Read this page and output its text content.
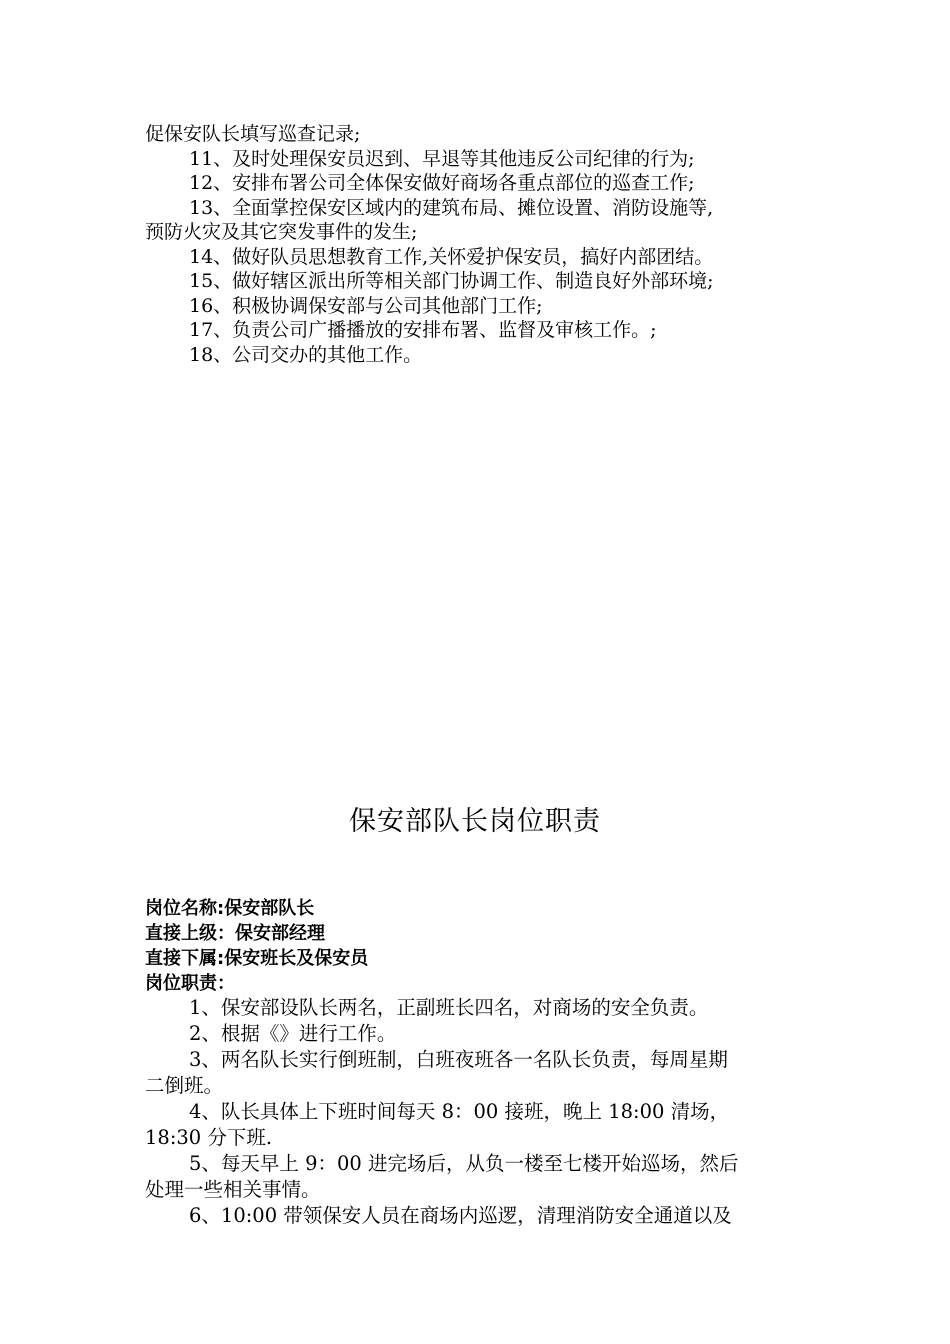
促保安队长填写巡查记录;
11、及时处理保安员迟到、早退等其他违反公司纪律的行为;
12、安排布署公司全体保安做好商场各重点部位的巡查工作;
13、全面掌控保安区域内的建筑布局、摊位设置、消防设施等,
预防火灾及其它突发事件的发生;
14、做好队员思想教育工作,关怀爱护保安员，搞好内部团结。
15、做好辖区派出所等相关部门协调工作、制造良好外部环境;
16、积极协调保安部与公司其他部门工作;
17、负责公司广播播放的安排布署、监督及审核工作。;
18、公司交办的其他工作。
保安部队长岗位职责
岗位名称:保安部队长
直接上级：保安部经理
直接下属:保安班长及保安员
岗位职责：
1、保安部设队长两名，正副班长四名，对商场的安全负责。
2、根据《》进行工作。
3、两名队长实行倒班制，白班夜班各一名队长负责，每周星期
二倒班。
4、队长具体上下班时间每天 8：00 接班，晚上 18:00 清场，
18:30 分下班.
5、每天早上 9：00 进完场后，从负一楼至七楼开始巡场，然后
处理一些相关事情。
6、10:00 带领保安人员在商场内巡逻，清理消防安全通道以及
